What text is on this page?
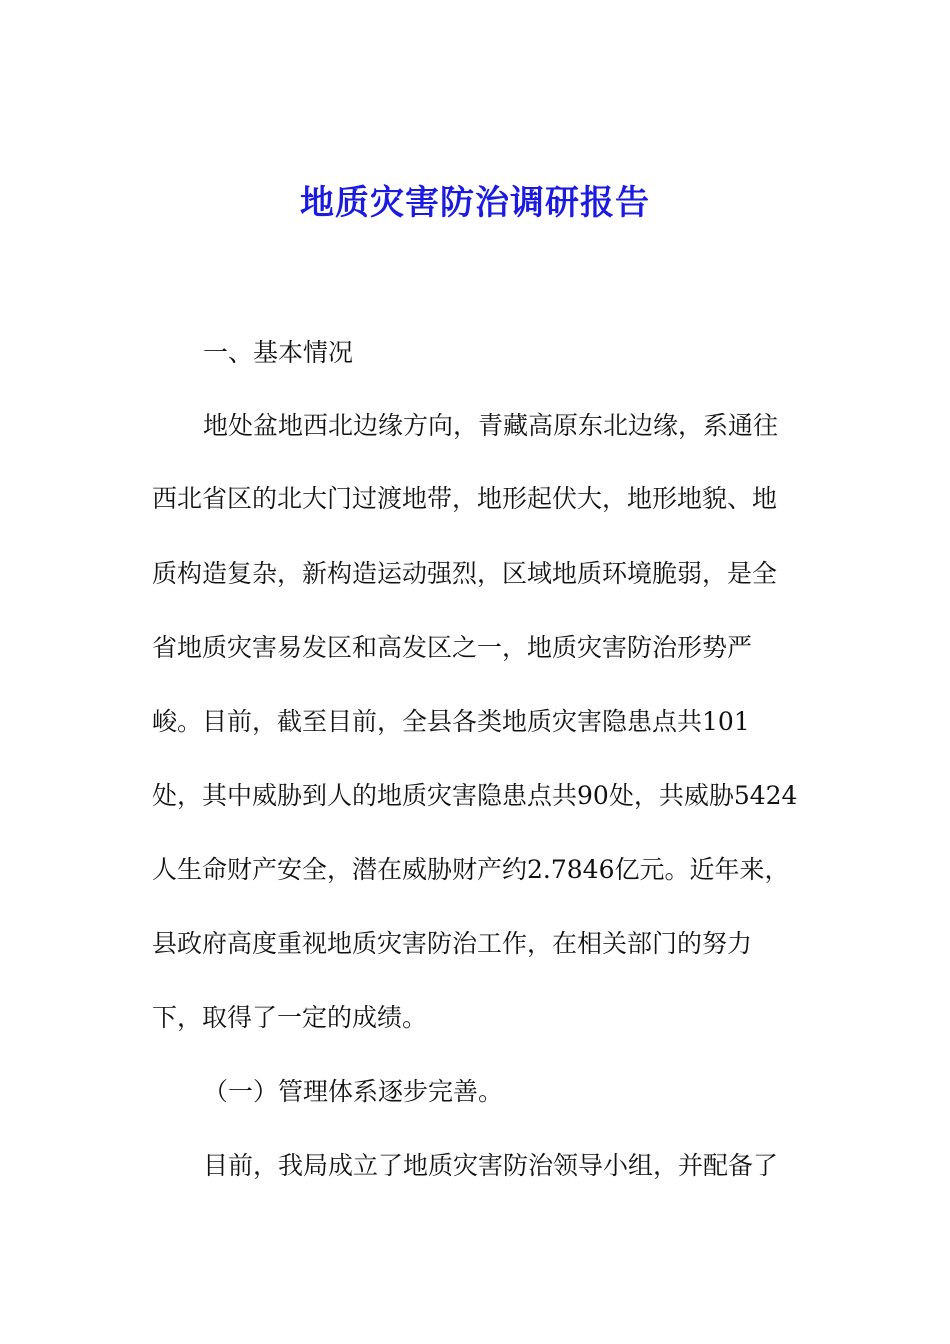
地质灾害防治调研报告
一、基本情况
地处盆地西北边缘方向，青藏高原东北边缘，系通往
西北省区的北大门过渡地带，地形起伏大，地形地貌、地
质构造复杂，新构造运动强烈，区域地质环境脆弱，是全
省地质灾害易发区和高发区之一，地质灾害防治形势严
峻。目前，截至目前，全县各类地质灾害隐患点共101
处，其中威胁到人的地质灾害隐患点共90处，共威胁5424
人生命财产安全，潜在威胁财产约2.7846亿元。近年来，
县政府高度重视地质灾害防治工作，在相关部门的努力
下，取得了一定的成绩。
（一）管理体系逐步完善。
目前，我局成立了地质灾害防治领导小组，并配备了
